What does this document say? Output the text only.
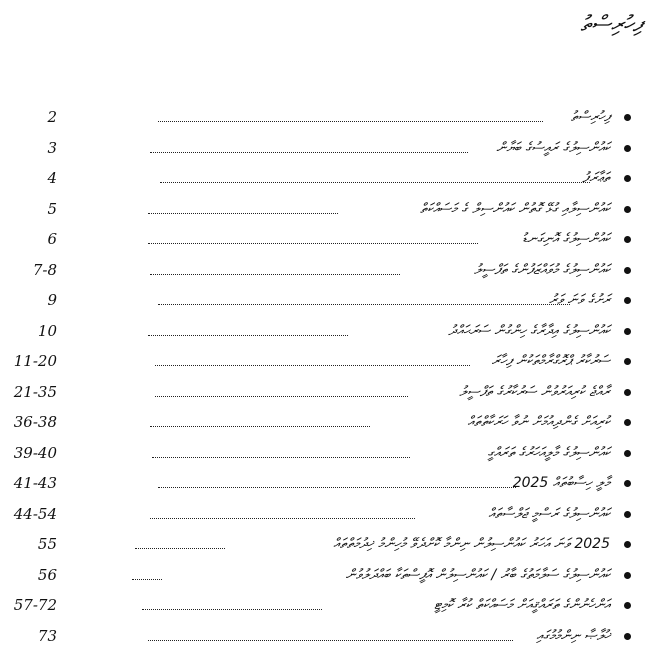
ފިހުރިސްތު
2	ފިހުރިސްތު
3	ކައުންސިލުގެ ރައީސުގެ ބަޔާން
4	ތަޢާރަފު
5	ކައުންސިލާއި ގުޅޭ ގޮތުން ކައުންސިލް ގެ މަސައްކަތް
6	ކައުންސިލުގެ އޮނިގަނޑު
7-8	ކައުންސިލުގެ މުވައްޒަފުންގެ ތަފްސީލު
9	ރަށުގެ ވަނަ ވަރު
10	ކައުންސިލުގެ އިދާރާގެ ހިންގުން ސަރަޙައްދު
11-20	ސަރުކާރު ޕްރޮގްރާމްތަކުން ފިހާރަ
21-35	ރާއްޖެ ކުރިއަރުވުން ސަރުކާރުގެ ތަފްސީލު
36-38	ކުރިއަށް ގެންދިއުމަށް ނުވާ ހަރަކާތްތައް
39-40	ކައުންސިލުގެ މާލީއަހަރުގެ ތަރައްގީ
41-43	މާލީ ހިސާބުތައް 2025
44-54	ކައުންސިލުގެ ރަސްމީ ޖަލްސާތައް
55	2025 ވަނަ އަހަރު ކައުންސިލުން ނިންމާ ކޮށްދެވޭ މުހިންމު ޚިދުމަތްތައް
56	ކައުންސިލުގެ ސަލާމަތުގެ ބާރު / ކައުންސިލުން އޮފީސްތަކާ ބައްދަލުވުން
57-72	އަންހެނުންގެ ތަރައްޤީއަށް މަސައްކަތް ކުރާ ކޮމިޓީ
73	ޚުލާޞާ ނިންމުމުގައި
